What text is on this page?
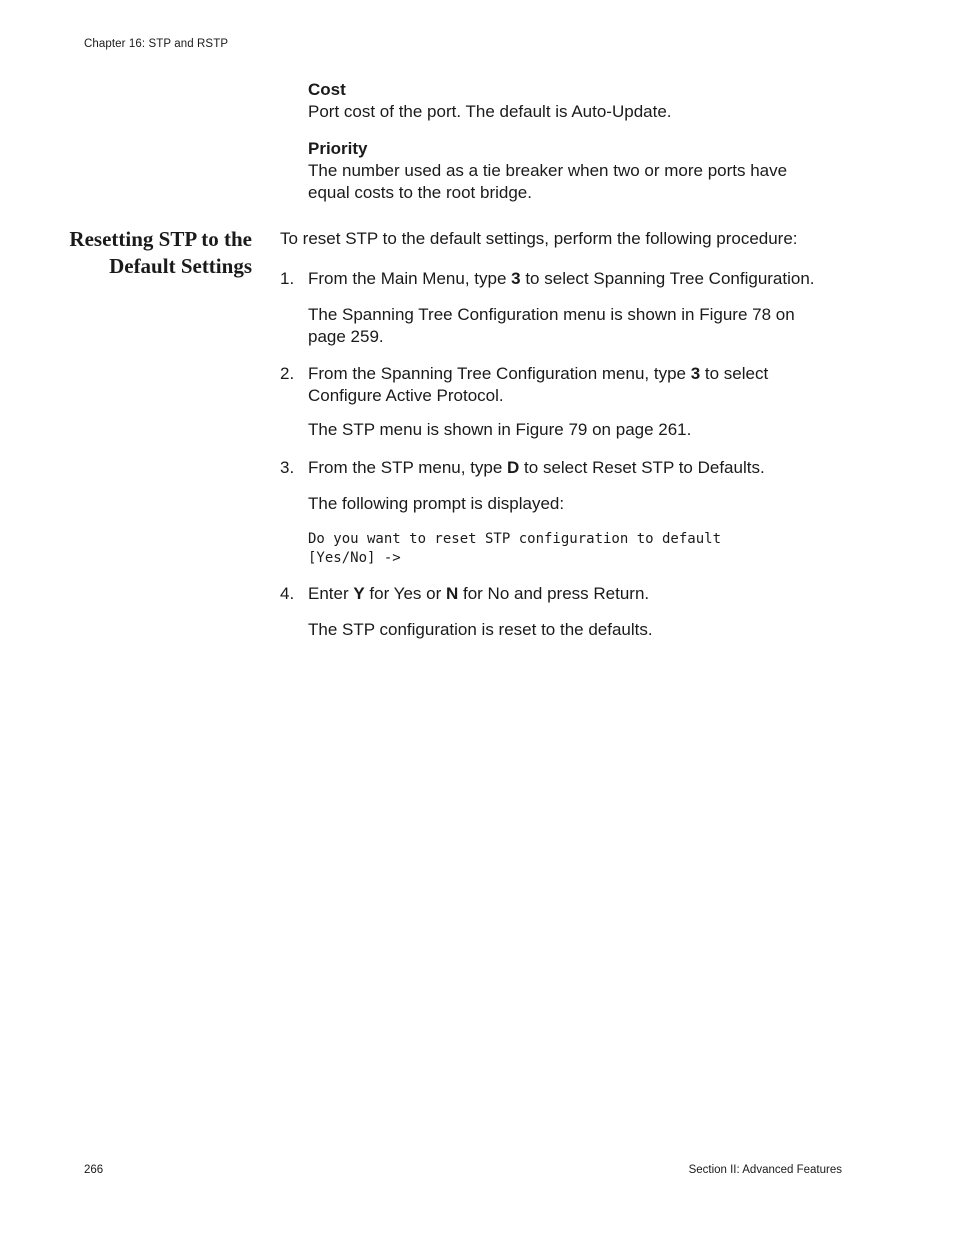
Chapter 16: STP and RSTP
Cost
Port cost of the port. The default is Auto-Update.
Priority
The number used as a tie breaker when two or more ports have equal costs to the root bridge.
Resetting STP to the Default Settings
To reset STP to the default settings, perform the following procedure:
1. From the Main Menu, type 3 to select Spanning Tree Configuration.
The Spanning Tree Configuration menu is shown in Figure 78 on page 259.
2. From the Spanning Tree Configuration menu, type 3 to select Configure Active Protocol.
The STP menu is shown in Figure 79 on page 261.
3. From the STP menu, type D to select Reset STP to Defaults.
The following prompt is displayed:
Do you want to reset STP configuration to default
[Yes/No] ->
4. Enter Y for Yes or N for No and press Return.
The STP configuration is reset to the defaults.
266	Section II: Advanced Features
